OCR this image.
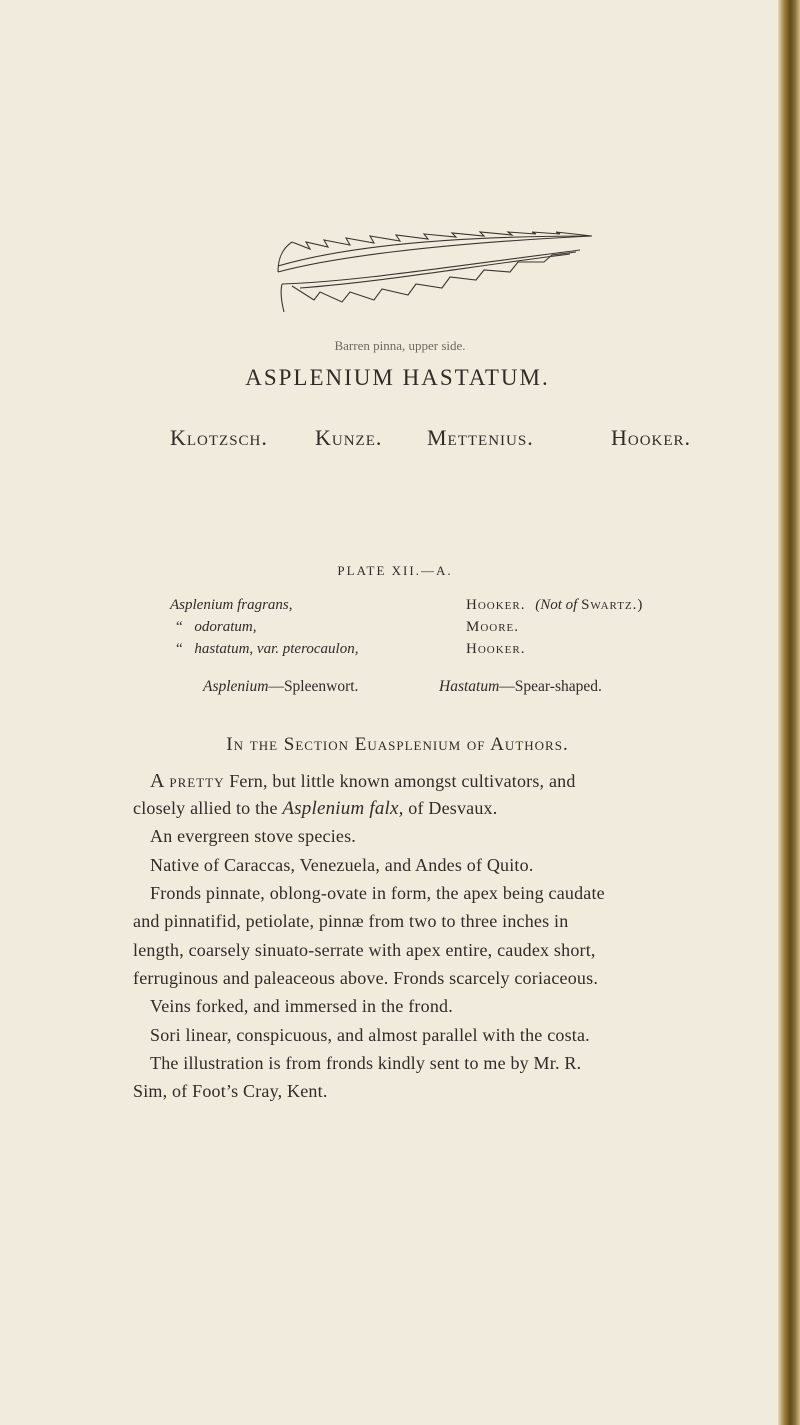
Barren pinna, upper side.
ASPLENIUM HASTATUM.
Klotzsch. Kunze. Mettenius.	Hooker.
PLATE XII.—A.
Asplenium fragrans,	Hooker. (Not of Swartz.)
“ odoratum,	Moore.
“ hastatum, var. pterocaulon,	Hooker.
Asplenium—Spleenwort.	Hastatum—Spear-shaped.
In the Section Euasplenium of Authors.
A pretty Fern, but little known amongst cultivators, and
closely allied to the Asplenium falx, of Desvaux.
An evergreen stove species.
Native of Caraccas, Venezuela, and Andes of Quito.
Fronds pinnate, oblong-ovate in form, the apex being caudate
and pinnatifid, petiolate, pinnæ from two to three inches in
length, coarsely sinuato-serrate with apex entire, caudex short,
ferruginous and paleaceous above. Fronds scarcely coriaceous.
Veins forked, and immersed in the frond.
Sori linear, conspicuous, and almost parallel with the costa.
The illustration is from fronds kindly sent to me by Mr. R.
Sim, of Foot’s Cray, Kent.
